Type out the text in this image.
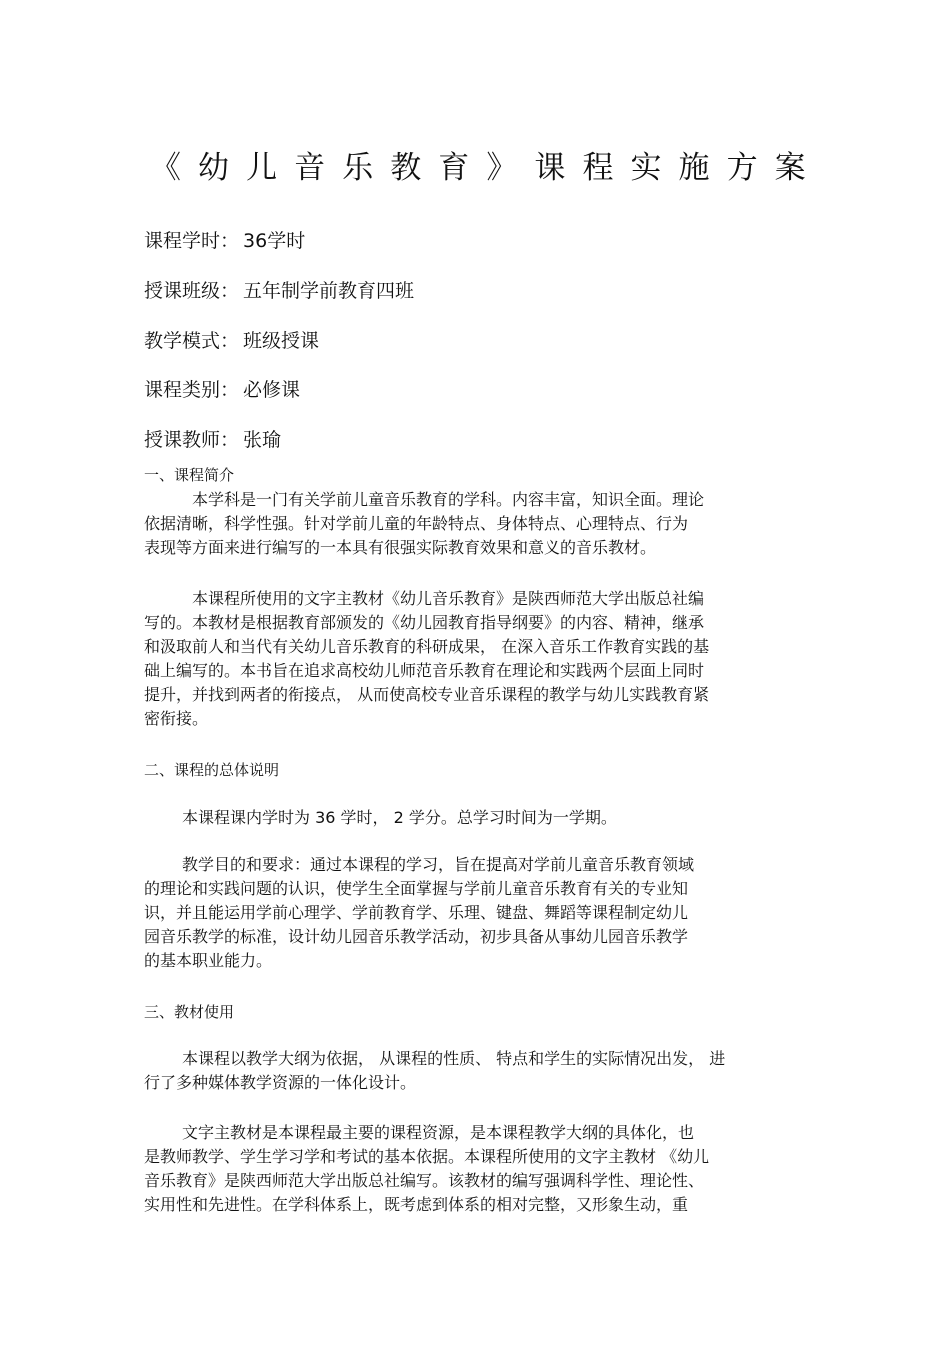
《幼儿音乐教育》课程实施方案
课程学时： 36学时
授课班级： 五年制学前教育四班
教学模式： 班级授课
课程类别： 必修课
授课教师： 张瑜
一、课程简介
本学科是一门有关学前儿童音乐教育的学科。内容丰富，知识全面。理论
依据清晰，科学性强。针对学前儿童的年龄特点、身体特点、心理特点、行为
表现等方面来进行编写的一本具有很强实际教育效果和意义的音乐教材。
本课程所使用的文字主教材《幼儿音乐教育》是陕西师范大学出版总社编
写的。本教材是根据教育部颁发的《幼儿园教育指导纲要》的内容、精神，继承
和汲取前人和当代有关幼儿音乐教育的科研成果， 在深入音乐工作教育实践的基
础上编写的。本书旨在追求高校幼儿师范音乐教育在理论和实践两个层面上同时
提升，并找到两者的衔接点， 从而使高校专业音乐课程的教学与幼儿实践教育紧
密衔接。
二、课程的总体说明
本课程课内学时为 36 学时， 2 学分。总学习时间为一学期。
教学目的和要求：通过本课程的学习，旨在提高对学前儿童音乐教育领域
的理论和实践问题的认识，使学生全面掌握与学前儿童音乐教育有关的专业知
识，并且能运用学前心理学、学前教育学、乐理、键盘、舞蹈等课程制定幼儿
园音乐教学的标准，设计幼儿园音乐教学活动，初步具备从事幼儿园音乐教学
的基本职业能力。
三、教材使用
本课程以教学大纲为依据， 从课程的性质、 特点和学生的实际情况出发， 进
行了多种媒体教学资源的一体化设计。
文字主教材是本课程最主要的课程资源，是本课程教学大纲的具体化，也
是教师教学、学生学习学和考试的基本依据。本课程所使用的文字主教材 《幼儿
音乐教育》是陕西师范大学出版总社编写。该教材的编写强调科学性、理论性、
实用性和先进性。在学科体系上，既考虑到体系的相对完整，又形象生动，重
